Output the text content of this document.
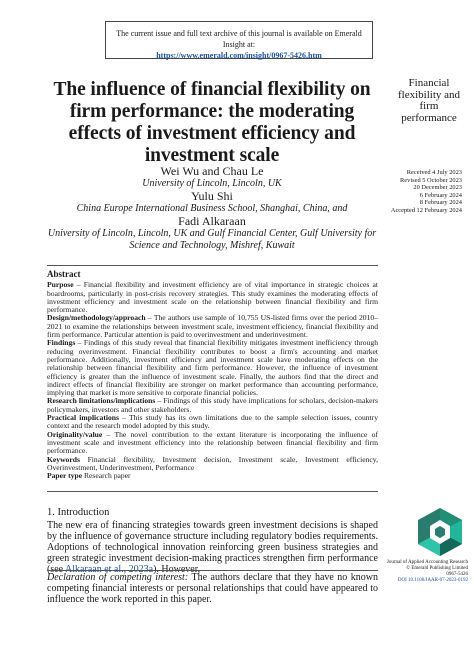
The current issue and full text archive of this journal is available on Emerald Insight at:
https://www.emerald.com/insight/0967-5426.htm
The influence of financial flexibility on firm performance: the moderating effects of investment efficiency and investment scale
Financial flexibility and firm performance
Wei Wu and Chau Le
University of Lincoln, Lincoln, UK
Yulu Shi
China Europe International Business School, Shanghai, China, and
Fadi Alkaraan
University of Lincoln, Lincoln, UK and Gulf Financial Center, Gulf University for Science and Technology, Mishref, Kuwait
Received 4 July 2023
Revised 5 October 2023
20 December 2023
6 February 2024
8 February 2024
Accepted 12 February 2024

Abstract

Purpose – Financial flexibility and investment efficiency are of vital importance in strategic choices at boardrooms, particularly in post-crisis recovery strategies. This study examines the moderating effects of investment efficiency and investment scale on the relationship between financial flexibility and firm performance.

Design/methodology/approach – The authors use sample of 10,755 US-listed firms over the period 2010–2021 to examine the relationships between investment scale, investment efficiency, financial flexibility and firm performance. Particular attention is paid to overinvestment and underinvestment.

Findings – Findings of this study reveal that financial flexibility mitigates investment inefficiency through reducing overinvestment. Financial flexibility contributes to boost a firm's accounting and market performance. Additionally, investment efficiency and investment scale have moderating effects on the relationship between financial flexibility and firm performance. However, the influence of investment efficiency is greater than the influence of investment scale. Finally, the authors find that the direct and indirect effects of financial flexibility are stronger on market performance than accounting performance, implying that market is more sensitive to corporate financial policies.

Research limitations/implications – Findings of this study have implications for scholars, decision-makers policymakers, investors and other stakeholders.

Practical implications – This study has its own limitations due to the sample selection issues, country context and the research model adopted by this study.

Originality/value – The novel contribution to the extant literature is incorporating the influence of investment scale and investment efficiency into the relationship between financial flexibility and firm performance.

Keywords Financial flexibility, Investment decision, Investment scale, Investment efficiency, Overinvestment, Underinvestment, Performance

Paper type Research paper

1. Introduction

The new era of financing strategies towards green investment decisions is shaped by the influence of governance structure including regulatory bodies requirements. Adoptions of technological innovation reinforcing green business strategies and green strategic investment decision-making practices strengthen firm performance (see Alkaraan et al., 2023a). However,

Declaration of competing interest: The authors declare that they have no known competing financial interests or personal relationships that could have appeared to influence the work reported in this paper.
Journal of Applied Accounting Research
© Emerald Publishing Limited
0967-5426
DOI 10.1108/JAAR-07-2023-0192
